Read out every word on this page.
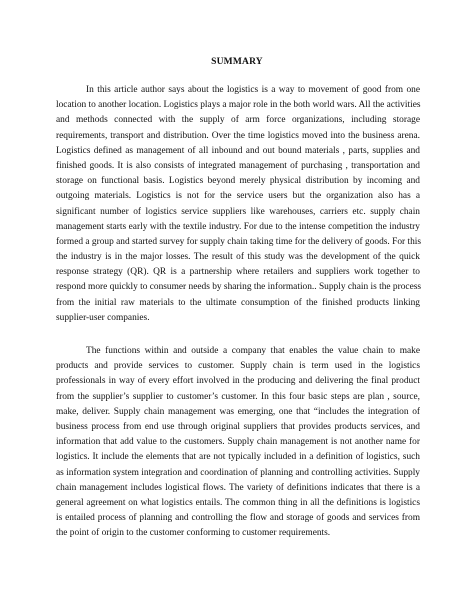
SUMMARY
In this article author says about the logistics is a way to movement of good from one
location to another location. Logistics plays a major role in the both world wars. All the activities
and methods connected with the supply of arm force organizations, including storage
requirements, transport and distribution. Over the time logistics moved into the business arena.
Logistics defined as management of all inbound and out bound materials , parts, supplies and
finished goods. It is also consists of integrated management of purchasing , transportation and
storage on functional basis. Logistics beyond merely physical distribution by incoming and
outgoing materials. Logistics is not for the service users but the organization also has a
significant number of logistics service suppliers like warehouses, carriers etc. supply chain
management starts early with the textile industry. For due to the intense competition the industry
formed a group and started survey for supply chain taking time for the delivery of goods. For this
the industry is in the major losses. The result of this study was the development of the quick
response strategy (QR). QR is a partnership where retailers and suppliers work together to
respond more quickly to consumer needs by sharing the information.. Supply chain is the process
from the initial raw materials to the ultimate consumption of the finished products linking
supplier-user companies.
The functions within and outside a company that enables the value chain to make
products and provide services to customer. Supply chain is term used in the logistics
professionals in way of every effort involved in the producing and delivering the final product
from the supplier’s supplier to customer’s customer. In this four basic steps are plan , source,
make, deliver. Supply chain management was emerging, one that “includes the integration of
business process from end use through original suppliers that provides products services, and
information that add value to the customers. Supply chain management is not another name for
logistics. It include the elements that are not typically included in a definition of logistics, such
as information system integration and coordination of planning and controlling activities. Supply
chain management includes logistical flows. The variety of definitions indicates that there is a
general agreement on what logistics entails. The common thing in all the definitions is logistics
is entailed process of planning and controlling the flow and storage of goods and services from
the point of origin to the customer conforming to customer requirements.
